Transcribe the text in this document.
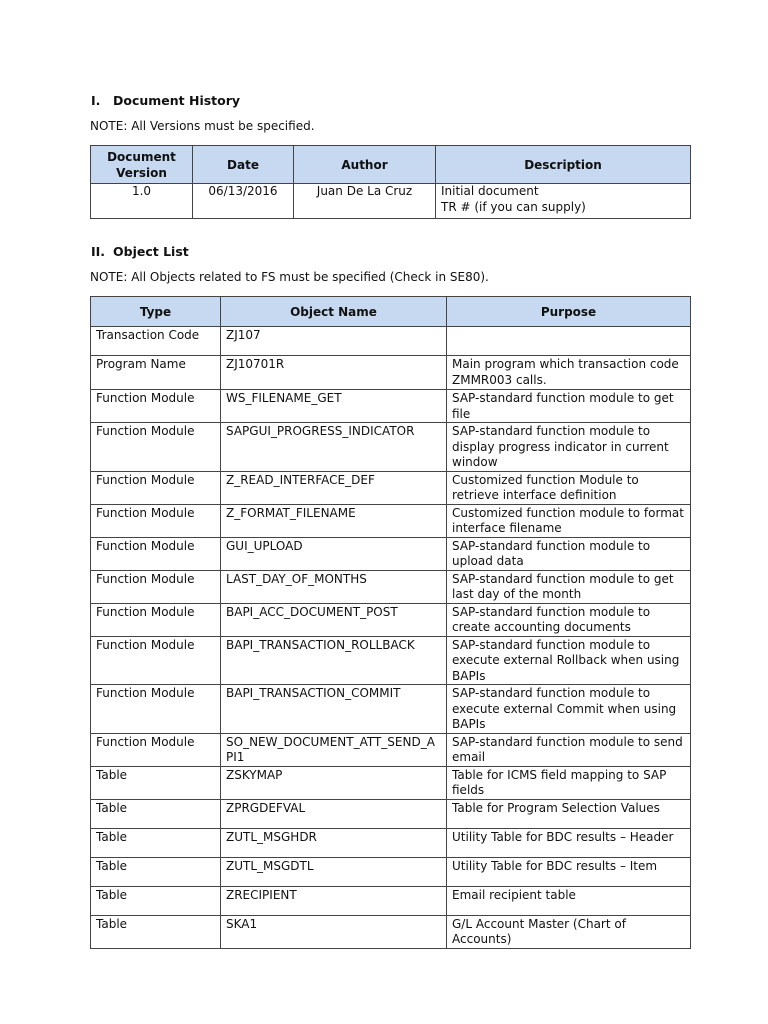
I. Document History
NOTE: All Versions must be specified.
Document Version	Date	Author	Description
1.0	06/13/2016	Juan De La Cruz	Initial document
TR # (if you can supply)
II. Object List
NOTE: All Objects related to FS must be specified (Check in SE80).
Type	Object Name	Purpose
Transaction Code	ZJ107	
Program Name	ZJ10701R	Main program which transaction code ZMMR003 calls.
Function Module	WS_FILENAME_GET	SAP-standard function module to get file
Function Module	SAPGUI_PROGRESS_INDICATOR	SAP-standard function module to display progress indicator in current window
Function Module	Z_READ_INTERFACE_DEF	Customized function Module to retrieve interface definition
Function Module	Z_FORMAT_FILENAME	Customized function module to format interface filename
Function Module	GUI_UPLOAD	SAP-standard function module to upload data
Function Module	LAST_DAY_OF_MONTHS	SAP-standard function module to get last day of the month
Function Module	BAPI_ACC_DOCUMENT_POST	SAP-standard function module to create accounting documents
Function Module	BAPI_TRANSACTION_ROLLBACK	SAP-standard function module to execute external Rollback when using BAPIs
Function Module	BAPI_TRANSACTION_COMMIT	SAP-standard function module to execute external Commit when using BAPIs
Function Module	SO_NEW_DOCUMENT_ATT_SEND_API1	SAP-standard function module to send email
Table	ZSKYMAP	Table for ICMS field mapping to SAP fields
Table	ZPRGDEFVAL	Table for Program Selection Values
Table	ZUTL_MSGHDR	Utility Table for BDC results – Header
Table	ZUTL_MSGDTL	Utility Table for BDC results – Item
Table	ZRECIPIENT	Email recipient table
Table	SKA1	G/L Account Master (Chart of Accounts)
